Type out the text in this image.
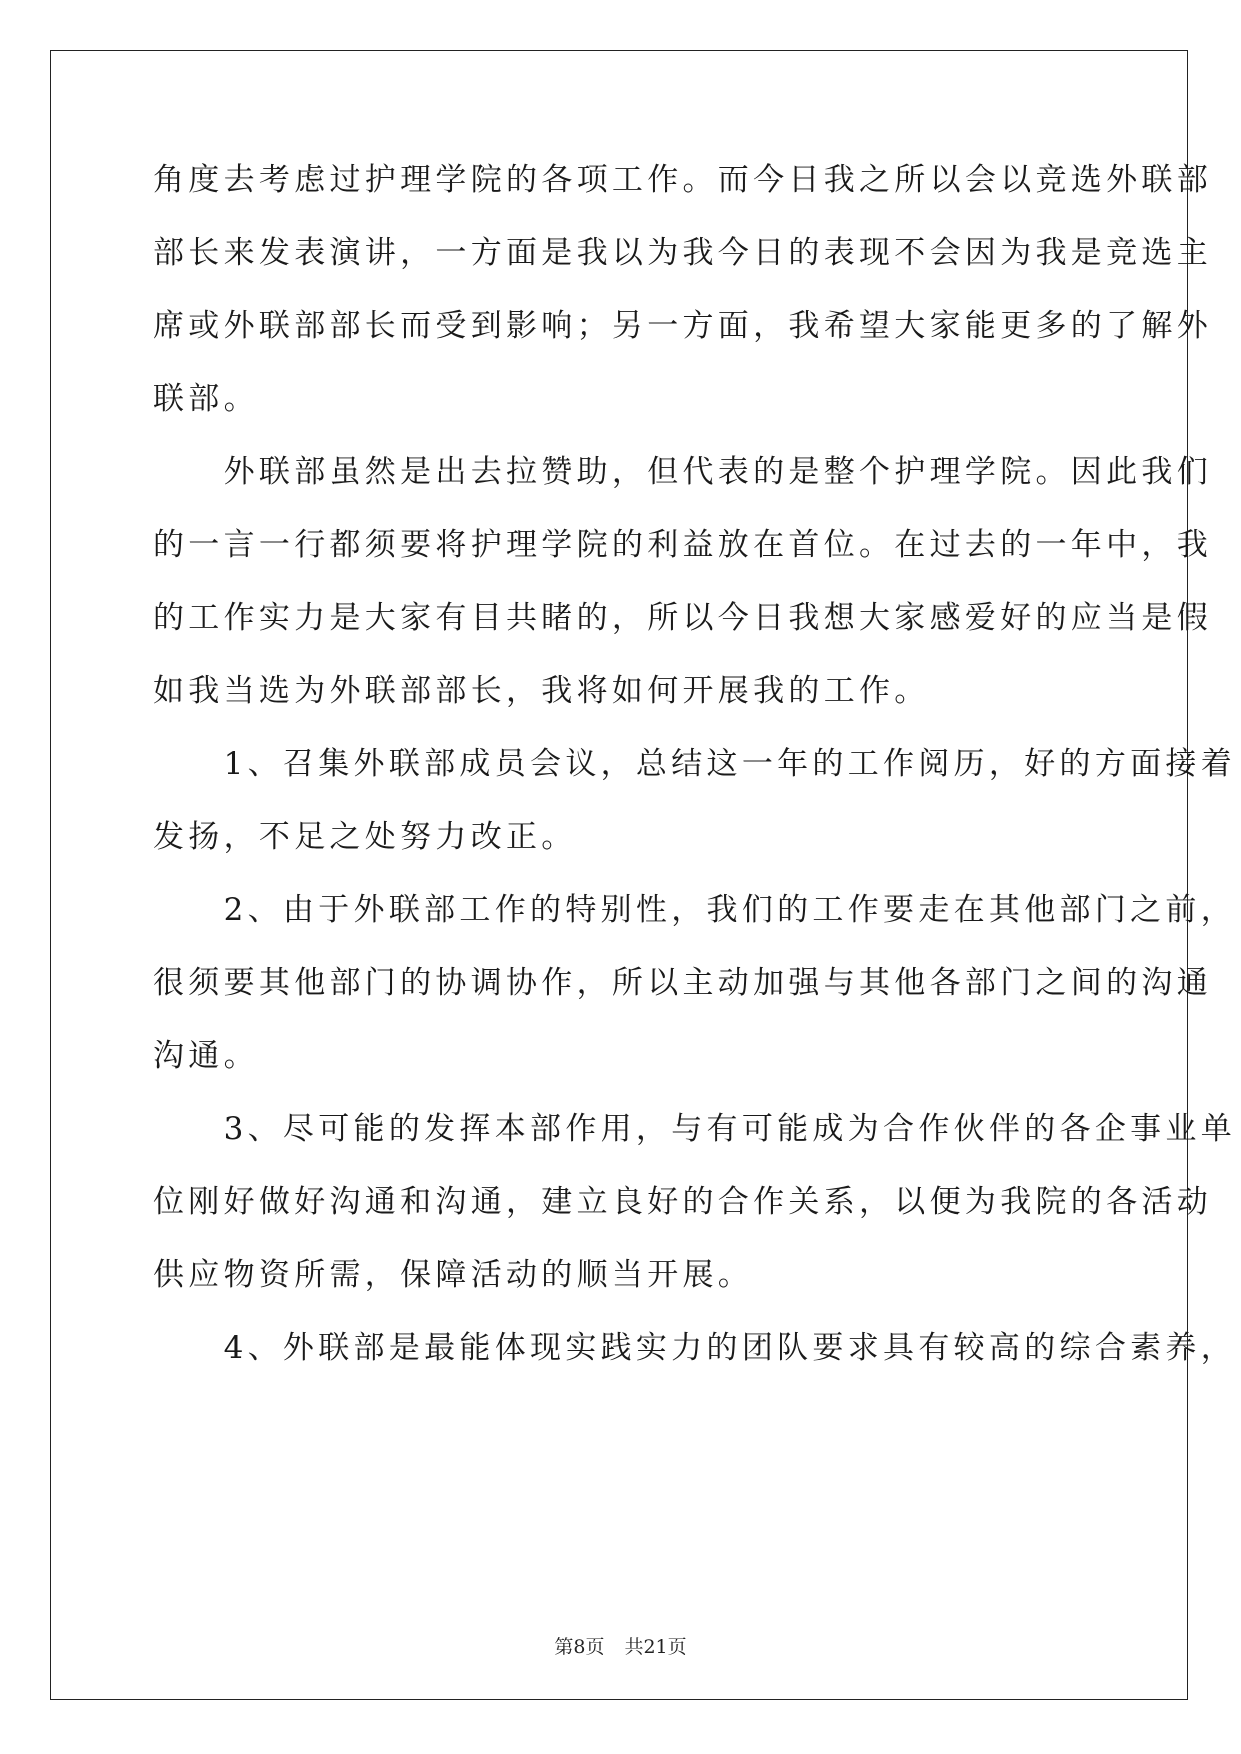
角度去考虑过护理学院的各项工作。而今日我之所以会以竞选外联部
部长来发表演讲，一方面是我以为我今日的表现不会因为我是竞选主
席或外联部部长而受到影响；另一方面，我希望大家能更多的了解外
联部。
　　外联部虽然是出去拉赞助，但代表的是整个护理学院。因此我们
的一言一行都须要将护理学院的利益放在首位。在过去的一年中，我
的工作实力是大家有目共睹的，所以今日我想大家感爱好的应当是假
如我当选为外联部部长，我将如何开展我的工作。
　　1、召集外联部成员会议，总结这一年的工作阅历，好的方面接着
发扬，不足之处努力改正。
　　2、由于外联部工作的特别性，我们的工作要走在其他部门之前，
很须要其他部门的协调协作，所以主动加强与其他各部门之间的沟通
沟通。
　　3、尽可能的发挥本部作用，与有可能成为合作伙伴的各企事业单
位刚好做好沟通和沟通，建立良好的合作关系，以便为我院的各活动
供应物资所需，保障活动的顺当开展。
　　4、外联部是最能体现实践实力的团队要求具有较高的综合素养，
第8页 共21页
